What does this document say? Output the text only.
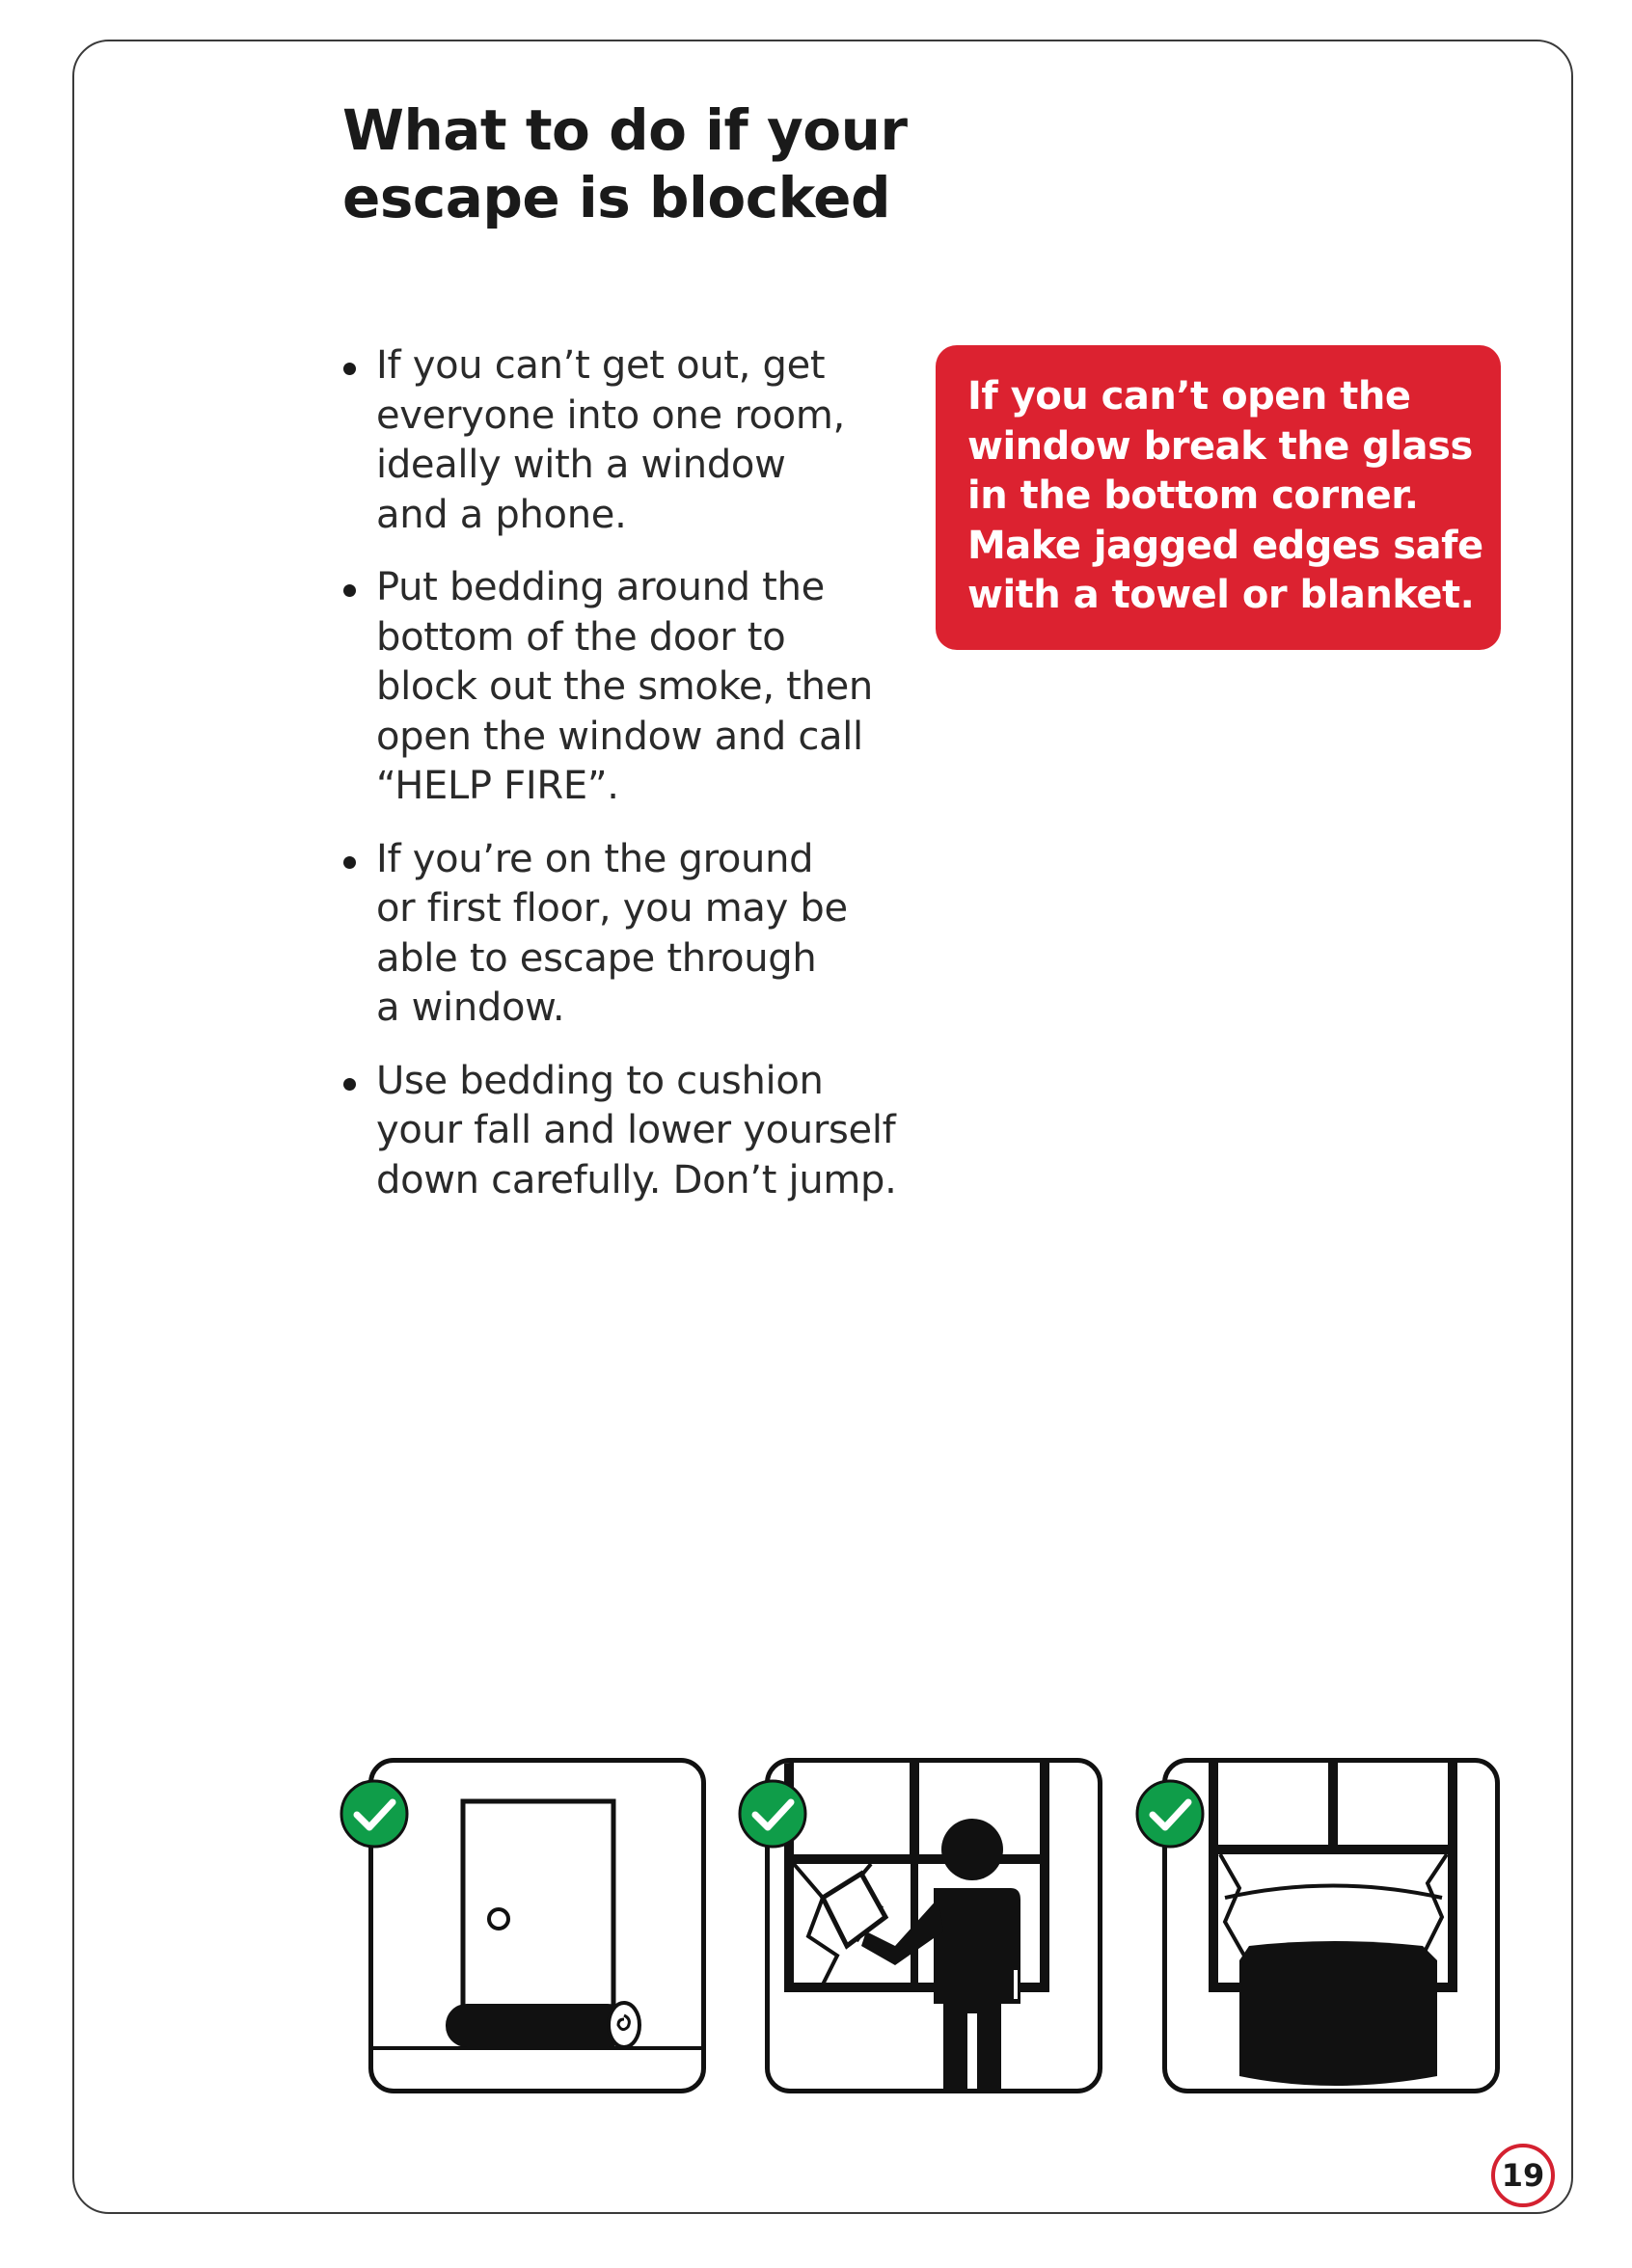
What to do if your
escape is blocked
If you can’t get out, get
everyone into one room,
ideally with a window
and a phone.
Put bedding around the
bottom of the door to
block out the smoke, then
open the window and call
“HELP FIRE”.
If you’re on the ground
or first floor, you may be
able to escape through
a window.
Use bedding to cushion
your fall and lower yourself
down carefully. Don’t jump.
If you can’t open the
window break the glass
in the bottom corner.
Make jagged edges safe
with a towel or blanket.
19
